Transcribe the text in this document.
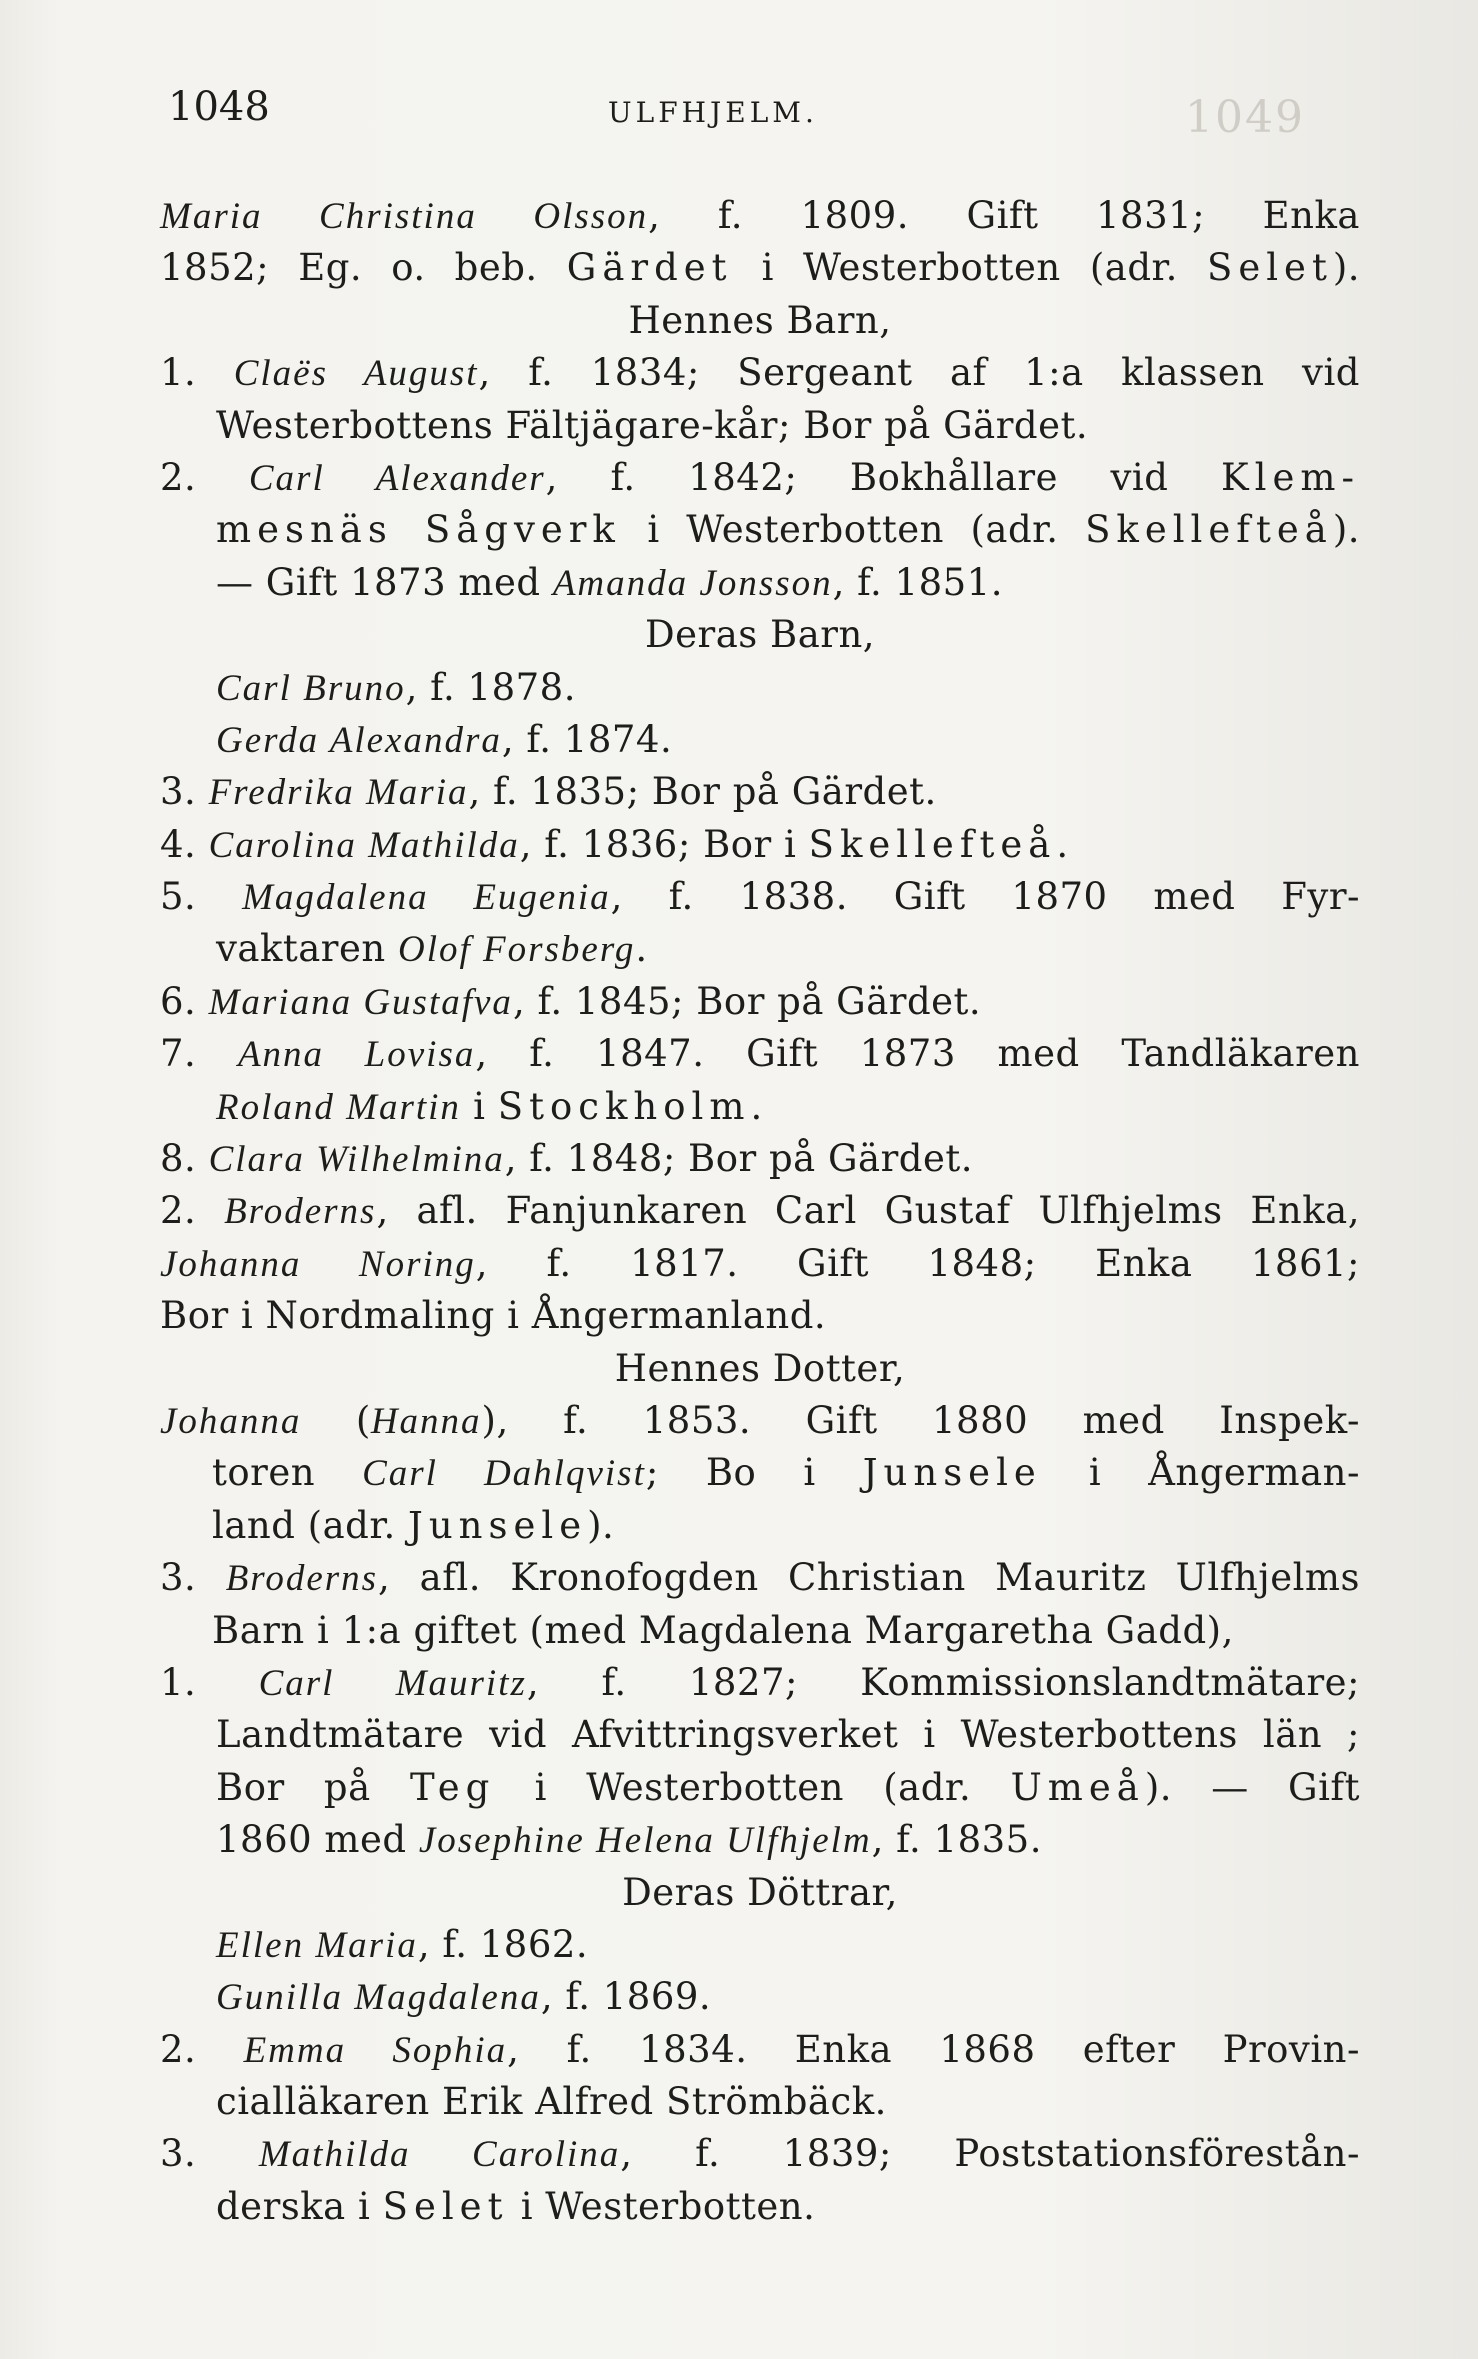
1049
1048	ULFHJELM.
Maria Christina Olsson, f. 1809. Gift 1831; Enka
1852; Eg. o. beb. Gärdet i Westerbotten (adr. Selet).
Hennes Barn,
1. Claës August, f. 1834; Sergeant af 1:a klassen vid
Westerbottens Fältjägare-kår; Bor på Gärdet.
2. Carl Alexander, f. 1842; Bokhållare vid Klem-
mesnäs Sågverk i Westerbotten (adr. Skellefteå).
— Gift 1873 med Amanda Jonsson, f. 1851.
Deras Barn,
Carl Bruno, f. 1878.
Gerda Alexandra, f. 1874.
3. Fredrika Maria, f. 1835; Bor på Gärdet.
4. Carolina Mathilda, f. 1836; Bor i Skellefteå.
5. Magdalena Eugenia, f. 1838. Gift 1870 med Fyr-
vaktaren Olof Forsberg.
6. Mariana Gustafva, f. 1845; Bor på Gärdet.
7. Anna Lovisa, f. 1847. Gift 1873 med Tandläkaren
Roland Martin i Stockholm.
8. Clara Wilhelmina, f. 1848; Bor på Gärdet.
2. Broderns, afl. Fanjunkaren Carl Gustaf Ulfhjelms Enka,
Johanna Noring, f. 1817. Gift 1848; Enka 1861;
Bor i Nordmaling i Ångermanland.
Hennes Dotter,
Johanna (Hanna), f. 1853. Gift 1880 med Inspek-
toren Carl Dahlqvist; Bo i Junsele i Ångerman-
land (adr. Junsele).
3. Broderns, afl. Kronofogden Christian Mauritz Ulfhjelms
Barn i 1:a giftet (med Magdalena Margaretha Gadd),
1. Carl Mauritz, f. 1827; Kommissionslandtmätare;
Landtmätare vid Afvittringsverket i Westerbottens län ;
Bor på Teg i Westerbotten (adr. Umeå). — Gift
1860 med Josephine Helena Ulfhjelm, f. 1835.
Deras Döttrar,
Ellen Maria, f. 1862.
Gunilla Magdalena, f. 1869.
2. Emma Sophia, f. 1834. Enka 1868 efter Provin-
cialläkaren Erik Alfred Strömbäck.
3. Mathilda Carolina, f. 1839; Poststationsförestån-
derska i Selet i Westerbotten.
